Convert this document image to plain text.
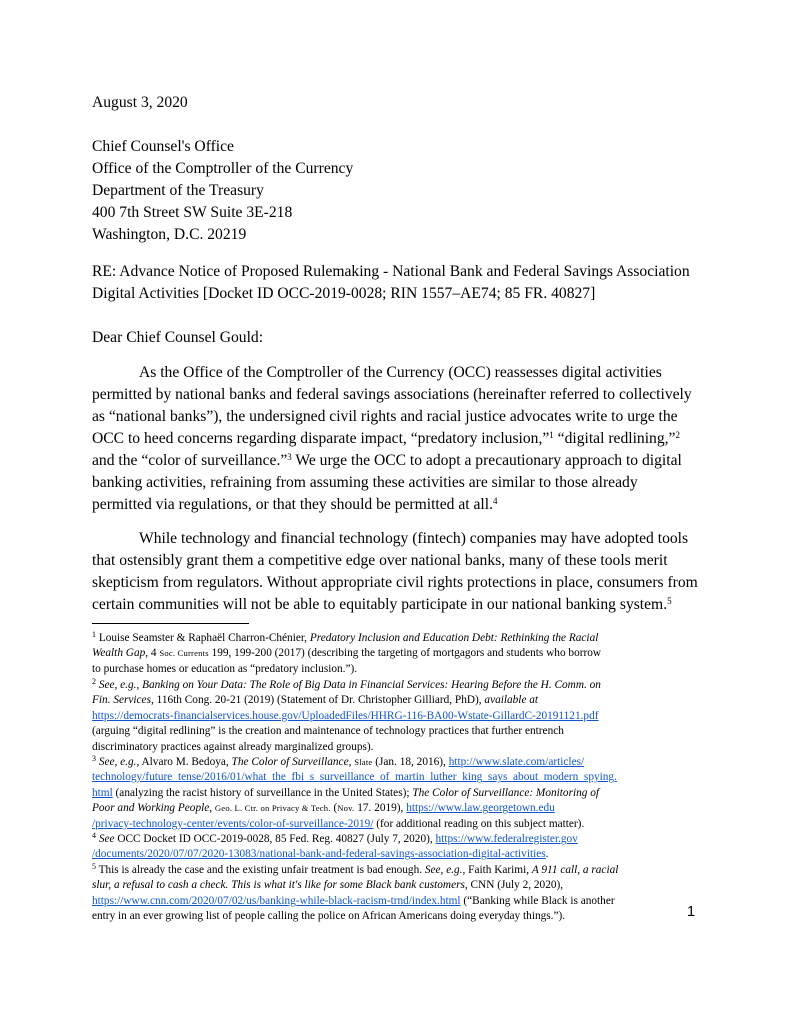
August 3, 2020
Chief Counsel's Office
Office of the Comptroller of the Currency
Department of the Treasury
400 7th Street SW Suite 3E-218
Washington, D.C. 20219
RE: Advance Notice of Proposed Rulemaking - National Bank and Federal Savings Association
Digital Activities [Docket ID OCC-2019-0028; RIN 1557–AE74; 85 FR. 40827]
Dear Chief Counsel Gould:
As the Office of the Comptroller of the Currency (OCC) reassesses digital activities
permitted by national banks and federal savings associations (hereinafter referred to collectively
as “national banks”), the undersigned civil rights and racial justice advocates write to urge the
OCC to heed concerns regarding disparate impact, “predatory inclusion,”$^1$ “digital redlining,”$^2$
and the “color of surveillance.”$^3$ We urge the OCC to adopt a precautionary approach to digital
banking activities, refraining from assuming these activities are similar to those already
permitted via regulations, or that they should be permitted at all.$^4$
While technology and financial technology (fintech) companies may have adopted tools
that ostensibly grant them a competitive edge over national banks, many of these tools merit
skepticism from regulators. Without appropriate civil rights protections in place, consumers from
certain communities will not be able to equitably participate in our national banking system.$^5$
$^1$ Louise Seamster & Raphaël Charron-Chénier, Predatory Inclusion and Education Debt: Rethinking the Racial
Wealth Gap, 4 Soc. Currents 199, 199-200 (2017) (describing the targeting of mortgagors and students who borrow
to purchase homes or education as “predatory inclusion.”).
$^2$ See, e.g., Banking on Your Data: The Role of Big Data in Financial Services: Hearing Before the H. Comm. on
Fin. Services, 116th Cong. 20-21 (2019) (Statement of Dr. Christopher Gilliard, PhD), available at
https://democrats-financialservices.house.gov/UploadedFiles/HHRG-116-BA00-Wstate-GillardC-20191121.pdf
(arguing “digital redlining” is the creation and maintenance of technology practices that further entrench
discriminatory practices against already marginalized groups).
$^3$ See, e.g., Alvaro M. Bedoya, The Color of Surveillance, Slate (Jan. 18, 2016), http://www.slate.com/articles/
technology/future_tense/2016/01/what_the_fbi_s_surveillance_of_martin_luther_king_says_about_modern_spying.
html (analyzing the racist history of surveillance in the United States); The Color of Surveillance: Monitoring of
Poor and Working People, Geo. L. Ctr. on Privacy & Tech. (Nov. 17. 2019), https://www.law.georgetown.edu
/privacy-technology-center/events/color-of-surveillance-2019/ (for additional reading on this subject matter).
$^4$ See OCC Docket ID OCC-2019-0028, 85 Fed. Reg. 40827 (July 7, 2020), https://www.federalregister.gov
/documents/2020/07/07/2020-13083/national-bank-and-federal-savings-association-digital-activities.
$^5$ This is already the case and the existing unfair treatment is bad enough. See, e.g., Faith Karimi, A 911 call, a racial
slur, a refusal to cash a check. This is what it's like for some Black bank customers, CNN (July 2, 2020),
https://www.cnn.com/2020/07/02/us/banking-while-black-racism-trnd/index.html (“Banking while Black is another
entry in an ever growing list of people calling the police on African Americans doing everyday things.”).	1
